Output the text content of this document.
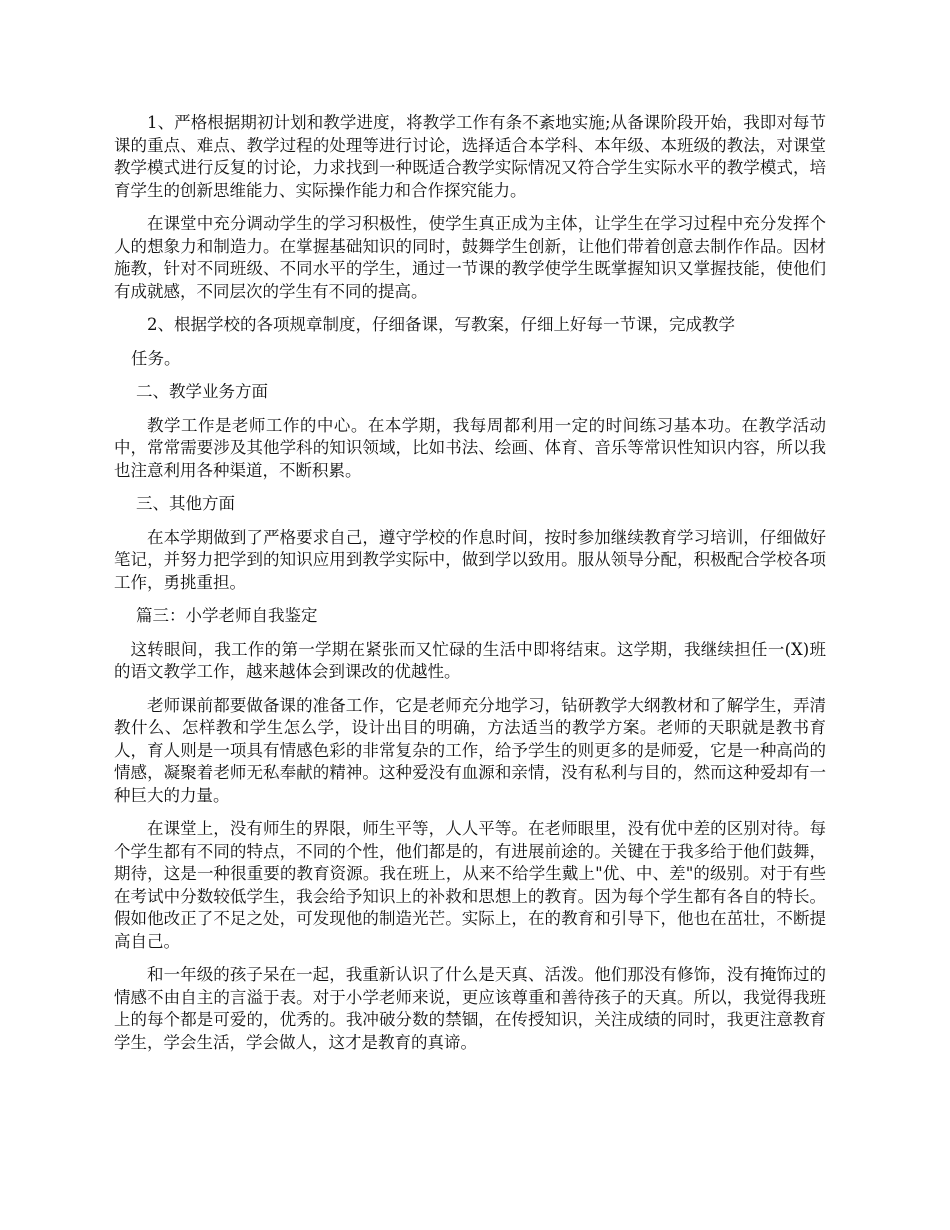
1、严格根据期初计划和教学进度，将教学工作有条不紊地实施;从备课阶段开始，我即对每节课的重点、难点、教学过程的处理等进行讨论，选择适合本学科、本年级、本班级的教法，对课堂教学模式进行反复的讨论，力求找到一种既适合教学实际情况又符合学生实际水平的教学模式，培育学生的创新思维能力、实际操作能力和合作探究能力。

在课堂中充分调动学生的学习积极性，使学生真正成为主体，让学生在学习过程中充分发挥个人的想象力和制造力。在掌握基础知识的同时，鼓舞学生创新，让他们带着创意去制作作品。因材施教，针对不同班级、不同水平的学生，通过一节课的教学使学生既掌握知识又掌握技能，使他们有成就感，不同层次的学生有不同的提高。

2、根据学校的各项规章制度，仔细备课，写教案，仔细上好每一节课，完成教学

任务。

二、教学业务方面

教学工作是老师工作的中心。在本学期，我每周都利用一定的时间练习基本功。在教学活动中，常常需要涉及其他学科的知识领域，比如书法、绘画、体育、音乐等常识性知识内容，所以我也注意利用各种渠道，不断积累。

三、其他方面

在本学期做到了严格要求自己，遵守学校的作息时间，按时参加继续教育学习培训，仔细做好笔记，并努力把学到的知识应用到教学实际中，做到学以致用。服从领导分配，积极配合学校各项工作，勇挑重担。

篇三：小学老师自我鉴定

这转眼间，我工作的第一学期在紧张而又忙碌的生活中即将结束。这学期，我继续担任一(X)班的语文教学工作，越来越体会到课改的优越性。

老师课前都要做备课的准备工作，它是老师充分地学习，钻研教学大纲教材和了解学生，弄清教什么、怎样教和学生怎么学，设计出目的明确，方法适当的教学方案。老师的天职就是教书育人，育人则是一项具有情感色彩的非常复杂的工作，给予学生的则更多的是师爱，它是一种高尚的情感，凝聚着老师无私奉献的精神。这种爱没有血源和亲情，没有私利与目的，然而这种爱却有一种巨大的力量。

在课堂上，没有师生的界限，师生平等，人人平等。在老师眼里，没有优中差的区别对待。每个学生都有不同的特点，不同的个性，他们都是的，有进展前途的。关键在于我多给于他们鼓舞，期待，这是一种很重要的教育资源。我在班上，从来不给学生戴上"优、中、差"的级别。对于有些在考试中分数较低学生，我会给予知识上的补救和思想上的教育。因为每个学生都有各自的特长。假如他改正了不足之处，可发现他的制造光芒。实际上，在的教育和引导下，他也在茁壮，不断提高自己。

和一年级的孩子呆在一起，我重新认识了什么是天真、活泼。他们那没有修饰，没有掩饰过的情感不由自主的言溢于表。对于小学老师来说，更应该尊重和善待孩子的天真。所以，我觉得我班上的每个都是可爱的，优秀的。我冲破分数的禁锢，在传授知识，关注成绩的同时，我更注意教育学生，学会生活，学会做人，这才是教育的真谛。
